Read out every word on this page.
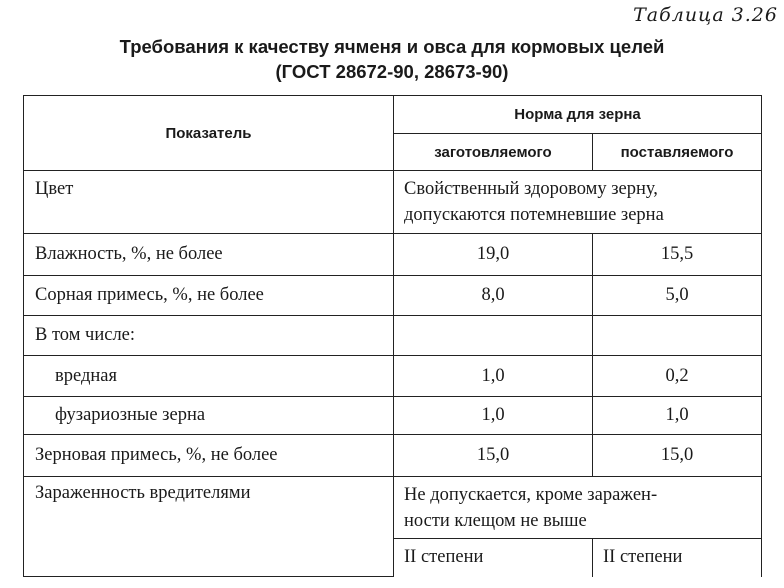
Таблица 3.26
Требования к качеству ячменя и овса для кормовых целей
(ГОСТ 28672-90, 28673-90)
Показатель	Норма для зерна	
	заготовляемого	поставляемого
Цвет	Свойственный здоровому зерну,
допускаются потемневшие зерна	

Влажность, %, не более	19,0	15,5
Сорная примесь, %, не более	8,0	5,0
В том числе:		
вредная	1,0	0,2
фузариозные зерна	1,0	1,0
Зерновая примесь, %, не более	15,0	15,0
Зараженность вредителями	Не допускается, кроме заражен-
ности клещом не выше	

	II степени	II степени
